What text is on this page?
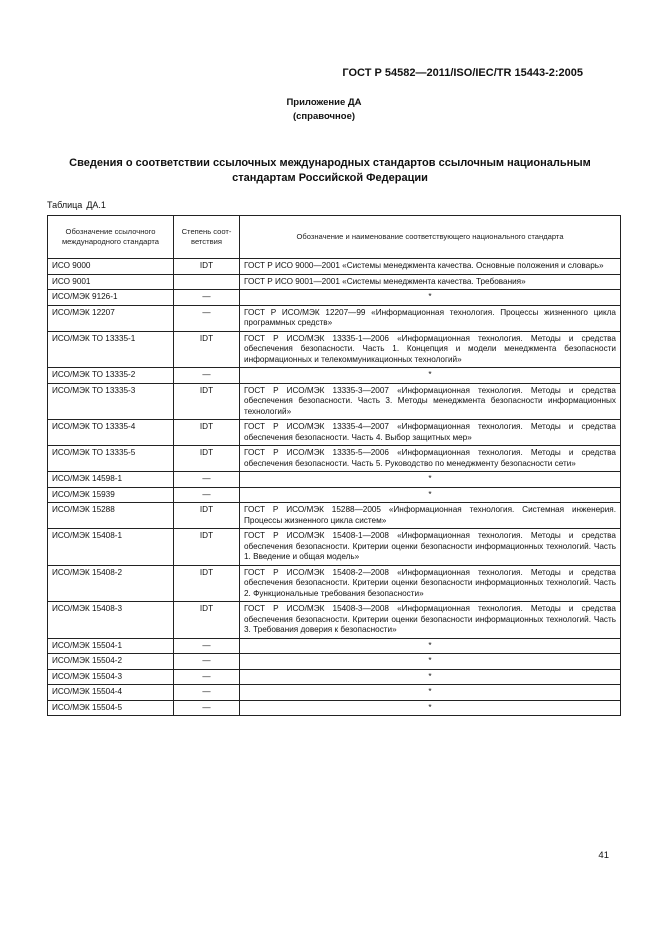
ГОСТ Р 54582—2011/ISO/IEC/TR 15443-2:2005
Приложение ДА
(справочное)
Сведения о соответствии ссылочных международных стандартов ссылочным национальным
стандартам Российской Федерации
Таблица ДА.1
Обозначение ссылочного международного стандарта	Степень соот-ветствия	Обозначение и наименование соответствующего национального стандарта
ИСО 9000	IDT	ГОСТ Р ИСО 9000—2001 «Системы менеджмента качества. Основные положения и словарь»
ИСО 9001		ГОСТ Р ИСО 9001—2001 «Системы менеджмента качества. Требования»
ИСО/МЭК 9126-1	—	*
ИСО/МЭК 12207	—	ГОСТ Р ИСО/МЭК 12207—99 «Информационная технология. Процессы жизненного цикла программных средств»
ИСО/МЭК ТО 13335-1	IDT	ГОСТ Р ИСО/МЭК 13335-1—2006 «Информационная технология. Методы и средства обеспечения безопасности. Часть 1. Концепция и модели менеджмента безопасности информационных и телекоммуникационных технологий»
ИСО/МЭК ТО 13335-2	—	*
ИСО/МЭК ТО 13335-3	IDT	ГОСТ Р ИСО/МЭК 13335-3—2007 «Информационная технология. Методы и средства обеспечения безопасности. Часть 3. Методы менеджмента безопасности информационных технологий»
ИСО/МЭК ТО 13335-4	IDT	ГОСТ Р ИСО/МЭК 13335-4—2007 «Информационная технология. Методы и средства обеспечения безопасности. Часть 4. Выбор защитных мер»
ИСО/МЭК ТО 13335-5	IDT	ГОСТ Р ИСО/МЭК 13335-5—2006 «Информационная технология. Методы и средства обеспечения безопасности. Часть 5. Руководство по менеджменту безопасности сети»
ИСО/МЭК 14598-1	—	*
ИСО/МЭК 15939	—	*
ИСО/МЭК 15288	IDT	ГОСТ Р ИСО/МЭК 15288—2005 «Информационная технология. Системная инженерия. Процессы жизненного цикла систем»
ИСО/МЭК 15408-1	IDT	ГОСТ Р ИСО/МЭК 15408-1—2008 «Информационная технология. Методы и средства обеспечения безопасности. Критерии оценки безопасности информационных технологий. Часть 1. Введение и общая модель»
ИСО/МЭК 15408-2	IDT	ГОСТ Р ИСО/МЭК 15408-2—2008 «Информационная технология. Методы и средства обеспечения безопасности. Критерии оценки безопасности информационных технологий. Часть 2. Функциональные требования безопасности»
ИСО/МЭК 15408-3	IDT	ГОСТ Р ИСО/МЭК 15408-3—2008 «Информационная технология. Методы и средства обеспечения безопасности. Критерии оценки безопасности информационных технологий. Часть 3. Требования доверия к безопасности»
ИСО/МЭК 15504-1	—	*
ИСО/МЭК 15504-2	—	*
ИСО/МЭК 15504-3	—	*
ИСО/МЭК 15504-4	—	*
ИСО/МЭК 15504-5	—	*
41
